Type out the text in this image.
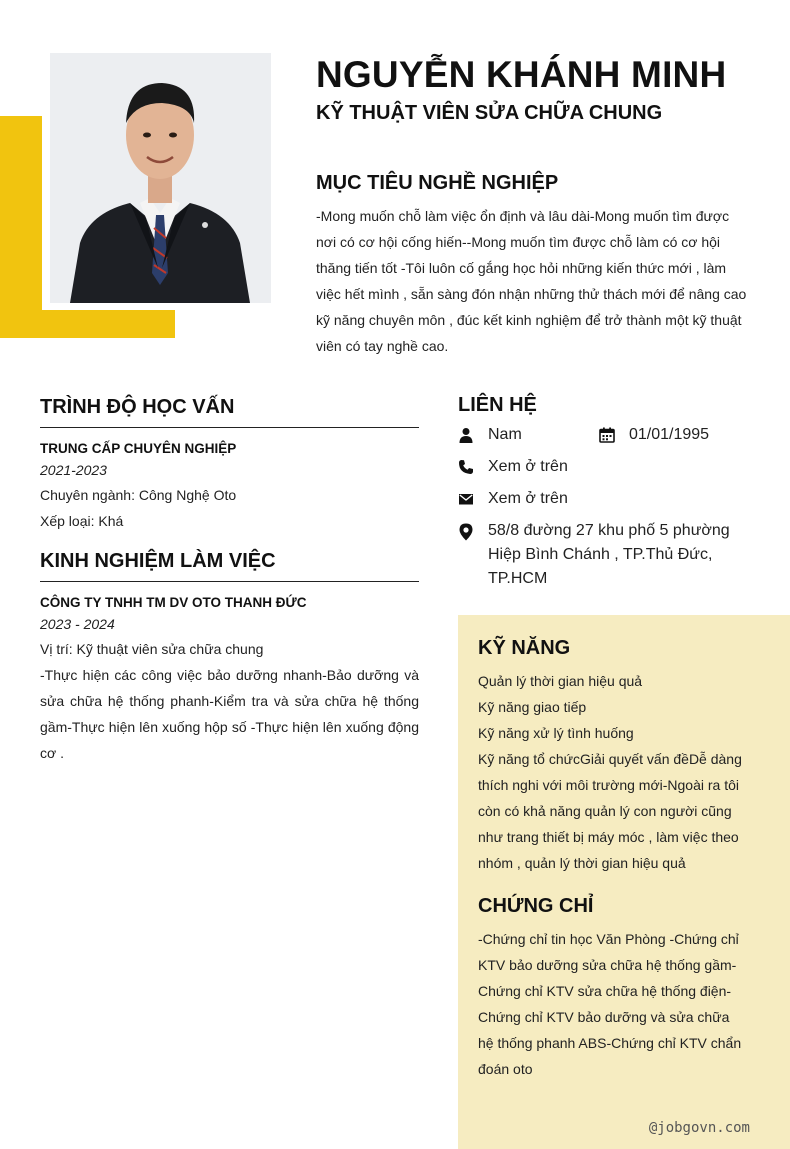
NGUYỄN KHÁNH MINH
KỸ THUẬT VIÊN SỬA CHỮA CHUNG
MỤC TIÊU NGHỀ NGHIỆP
-Mong muốn chỗ làm việc ổn định và lâu dài-Mong muốn tìm được nơi có cơ hội cống hiến--Mong muốn tìm được chỗ làm có cơ hội thăng tiến tốt -Tôi luôn cố gắng học hỏi những kiến thức mới , làm việc hết mình , sẵn sàng đón nhận những thử thách mới để nâng cao kỹ năng chuyên môn , đúc kết kinh nghiệm để trở thành một kỹ thuật viên có tay nghề cao.
TRÌNH ĐỘ HỌC VẤN
TRUNG CẤP CHUYÊN NGHIỆP
2021-2023
Chuyên ngành: Công Nghệ Oto
Xếp loại: Khá
KINH NGHIỆM LÀM VIỆC
CÔNG TY TNHH TM DV OTO THANH ĐỨC
2023 - 2024
Vị trí: Kỹ thuật viên sửa chữa chung
-Thực hiện các công việc bảo dưỡng nhanh-Bảo dưỡng và sửa chữa hệ thống phanh-Kiểm tra và sửa chữa hệ thống gầm-Thực hiện lên xuống hộp số -Thực hiện lên xuống động cơ .
LIÊN HỆ
Nam	01/01/1995
Xem ở trên
Xem ở trên
58/8 đường 27 khu phố 5 phường Hiệp Bình Chánh , TP.Thủ Đức, TP.HCM
KỸ NĂNG
Quản lý thời gian hiệu quả
Kỹ năng giao tiếp
Kỹ năng xử lý tình huống
Kỹ năng tổ chứcGiải quyết vấn đềDễ dàng thích nghi với môi trường mới-Ngoài ra tôi còn có khả năng quản lý con người cũng như trang thiết bị máy móc , làm việc theo nhóm , quản lý thời gian hiệu quả
CHỨNG CHỈ
-Chứng chỉ tin học Văn Phòng -Chứng chỉ KTV bảo dưỡng sửa chữa hệ thống gầm-Chứng chỉ KTV sửa chữa hệ thống điện-Chứng chỉ KTV bảo dưỡng và sửa chữa hệ thống phanh ABS-Chứng chỉ KTV chẩn đoán oto
@jobgovn.com
